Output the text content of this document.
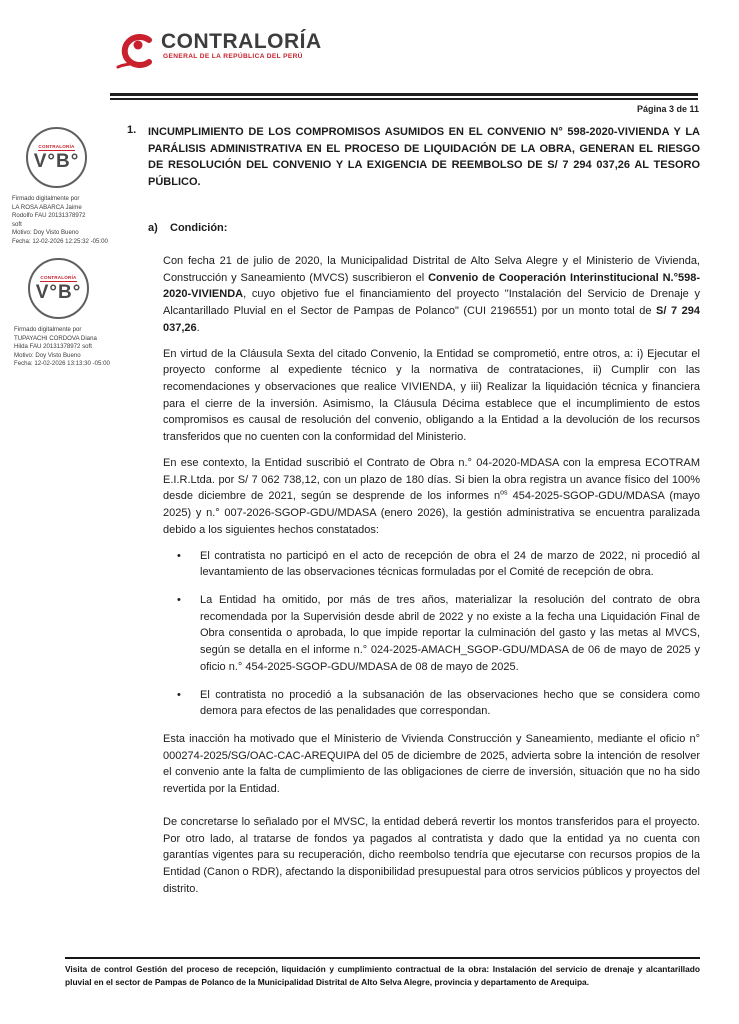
CONTRALORÍA
GENERAL DE LA REPÚBLICA DEL PERÚ
Página 3 de 11
CONTRALORÍA
V°B°
Firmado digitalmente por
LA ROSA ABARCA Jaime
Rodolfo FAU 20131378972
soft
Motivo: Doy Visto Bueno
Fecha: 12-02-2026 12:25:32 -05:00
CONTRALORÍA
V°B°
Firmado digitalmente por
TUPAYACHI CORDOVA Diana
Hilda FAU 20131378972 soft
Motivo: Doy Visto Bueno
Fecha: 12-02-2026 13:13:30 -05:00
1.	INCUMPLIMIENTO DE LOS COMPROMISOS ASUMIDOS EN EL CONVENIO N° 598-2020-VIVIENDA Y LA PARÁLISIS ADMINISTRATIVA EN EL PROCESO DE LIQUIDACIÓN DE LA OBRA, GENERAN EL RIESGO DE RESOLUCIÓN DEL CONVENIO Y LA EXIGENCIA DE REEMBOLSO DE S/ 7 294 037,26 AL TESORO PÚBLICO.
a)	Condición:

Con fecha 21 de julio de 2020, la Municipalidad Distrital de Alto Selva Alegre y el Ministerio de Vivienda, Construcción y Saneamiento (MVCS) suscribieron el Convenio de Cooperación Interinstitucional N.°598-2020-VIVIENDA, cuyo objetivo fue el financiamiento del proyecto "Instalación del Servicio de Drenaje y Alcantarillado Pluvial en el Sector de Pampas de Polanco" (CUI 2196551) por un monto total de S/ 7 294 037,26.

En virtud de la Cláusula Sexta del citado Convenio, la Entidad se comprometió, entre otros, a: i) Ejecutar el proyecto conforme al expediente técnico y la normativa de contrataciones, ii) Cumplir con las recomendaciones y observaciones que realice VIVIENDA, y iii) Realizar la liquidación técnica y financiera para el cierre de la inversión. Asimismo, la Cláusula Décima establece que el incumplimiento de estos compromisos es causal de resolución del convenio, obligando a la Entidad a la devolución de los recursos transferidos que no cuenten con la conformidad del Ministerio.

En ese contexto, la Entidad suscribió el Contrato de Obra n.° 04-2020-MDASA con la empresa ECOTRAM E.I.R.Ltda. por S/ 7 062 738,12, con un plazo de 180 días. Si bien la obra registra un avance físico del 100% desde diciembre de 2021, según se desprende de los informes $n^{os}$ 454-2025-SGOP-GDU/MDASA (mayo 2025) y n.° 007-2026-SGOP-GDU/MDASA (enero 2026), la gestión administrativa se encuentra paralizada debido a los siguientes hechos constatados:

•	El contratista no participó en el acto de recepción de obra el 24 de marzo de 2022, ni procedió al levantamiento de las observaciones técnicas formuladas por el Comité de recepción de obra.
•	La Entidad ha omitido, por más de tres años, materializar la resolución del contrato de obra recomendada por la Supervisión desde abril de 2022 y no existe a la fecha una Liquidación Final de Obra consentida o aprobada, lo que impide reportar la culminación del gasto y las metas al MVCS, según se detalla en el informe n.° 024-2025-AMACH_SGOP-GDU/MDASA de 06 de mayo de 2025 y oficio n.° 454-2025-SGOP-GDU/MDASA de 08 de mayo de 2025.
•	El contratista no procedió a la subsanación de las observaciones hecho que se considera como demora para efectos de las penalidades que correspondan.

Esta inacción ha motivado que el Ministerio de Vivienda Construcción y Saneamiento, mediante el oficio n° 000274-2025/SG/OAC-CAC-AREQUIPA del 05 de diciembre de 2025, advierta sobre la intención de resolver el convenio ante la falta de cumplimiento de las obligaciones de cierre de inversión, situación que no ha sido revertida por la Entidad.

De concretarse lo señalado por el MVSC, la entidad deberá revertir los montos transferidos para el proyecto. Por otro lado, al tratarse de fondos ya pagados al contratista y dado que la entidad ya no cuenta con garantías vigentes para su recuperación, dicho reembolso tendría que ejecutarse con recursos propios de la Entidad (Canon o RDR), afectando la disponibilidad presupuestal para otros servicios públicos y proyectos del distrito.

Visita de control Gestión del proceso de recepción, liquidación y cumplimiento contractual de la obra: Instalación del servicio de drenaje y alcantarillado pluvial en el sector de Pampas de Polanco de la Municipalidad Distrital de Alto Selva Alegre, provincia y departamento de Arequipa.
